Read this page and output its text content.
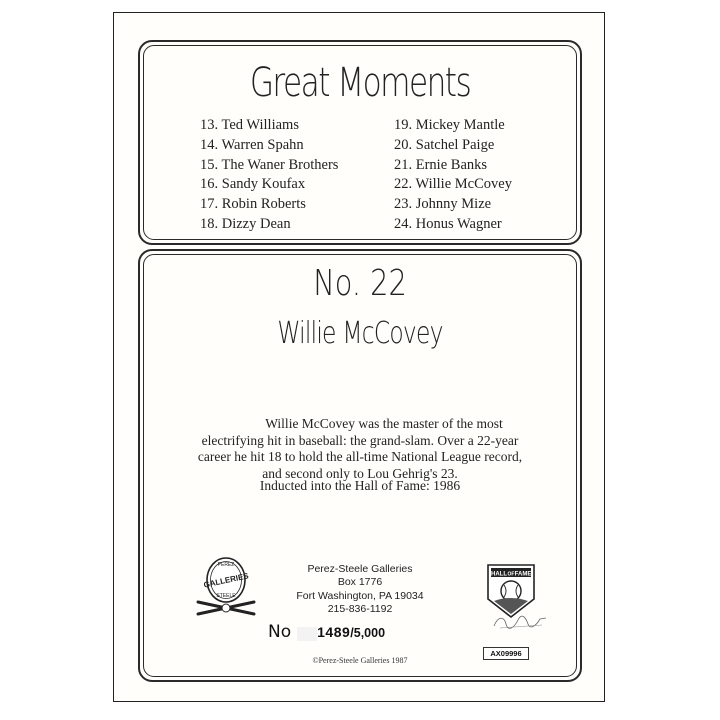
Great Moments
13. Ted Williams
14. Warren Spahn
15. The Waner Brothers
16. Sandy Koufax
17. Robin Roberts
18. Dizzy Dean
19. Mickey Mantle
20. Satchel Paige
21. Ernie Banks
22. Willie McCovey
23. Johnny Mize
24. Honus Wagner
No. 22
Willie McCovey
Willie McCovey was the master of the most electrifying hit in baseball: the grand-slam. Over a 22-year career he hit 18 to hold the all-time National League record, and second only to Lou Gehrig's 23.
Inducted into the Hall of Fame: 1986
PEREZ
GALLERIES
STEELE
Perez-Steele Galleries
Box 1776
Fort Washington, PA 19034
215-836-1192
HALL OF FAME
No 1489/5,000
AX09996
©Perez-Steele Galleries 1987
